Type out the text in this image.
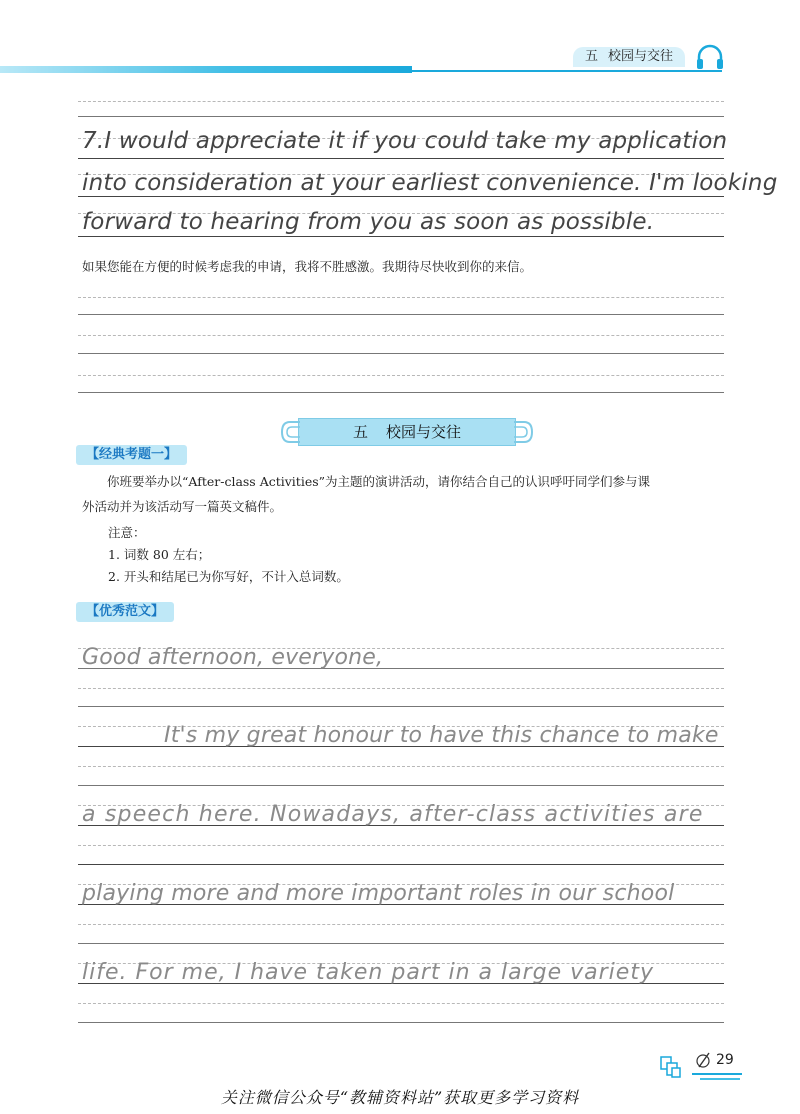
五 校园与交往
7.I would appreciate it if you could take my application
into consideration at your earliest convenience. I'm looking
forward to hearing from you as soon as possible.
如果您能在方便的时候考虑我的申请，我将不胜感激。我期待尽快收到你的来信。
五 校园与交往
【经典考题一】
你班要举办以“After-class Activities”为主题的演讲活动，请你结合自己的认识呼吁同学们参与课
外活动并为该活动写一篇英文稿件。
注意：
1. 词数 80 左右；
2. 开头和结尾已为你写好，不计入总词数。
【优秀范文】
Good afternoon, everyone,
It's my great honour to have this chance to make
a speech here. Nowadays, after-class activities are
playing more and more important roles in our school
life. For me, I have taken part in a large variety
29
关注微信公众号“教辅资料站”获取更多学习资料
